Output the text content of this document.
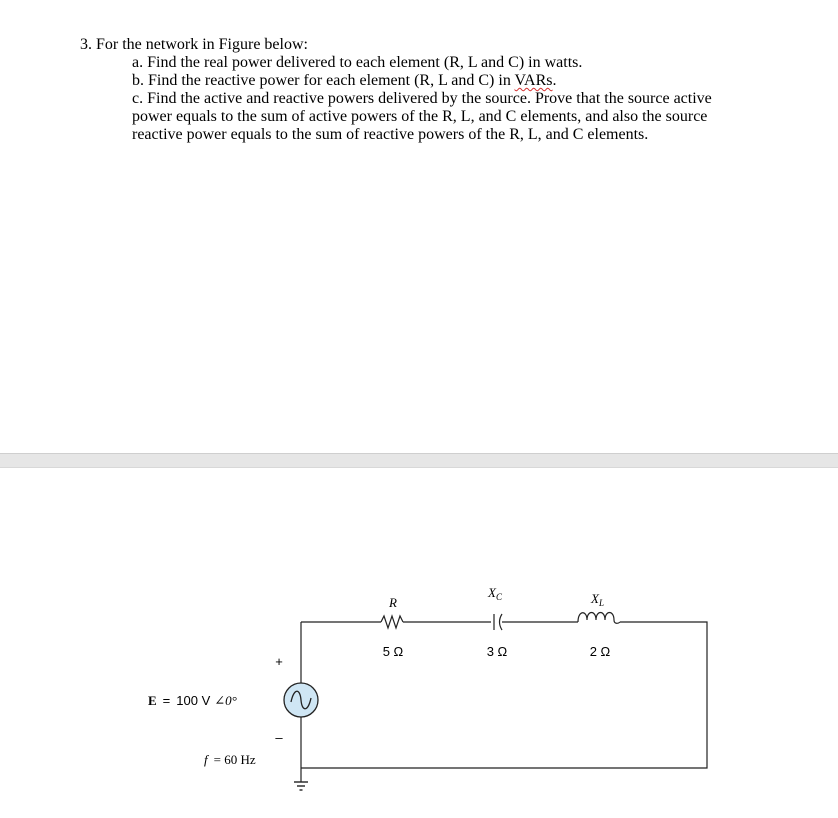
3. For the network in Figure below:

a. Find the real power delivered to each element (R, L and C) in watts.

b. Find the reactive power for each element (R, L and C) in VARs.

c. Find the active and reactive powers delivered by the source. Prove that the source active

power equals to the sum of active powers of the R, L, and C elements, and also the source

reactive power equals to the sum of reactive powers of the R, L, and C elements.

R
5 Ω
$X_C$
3 Ω
$X_L$
2 Ω
+
–
E = 100 V ∠0°
f = 60 Hz
